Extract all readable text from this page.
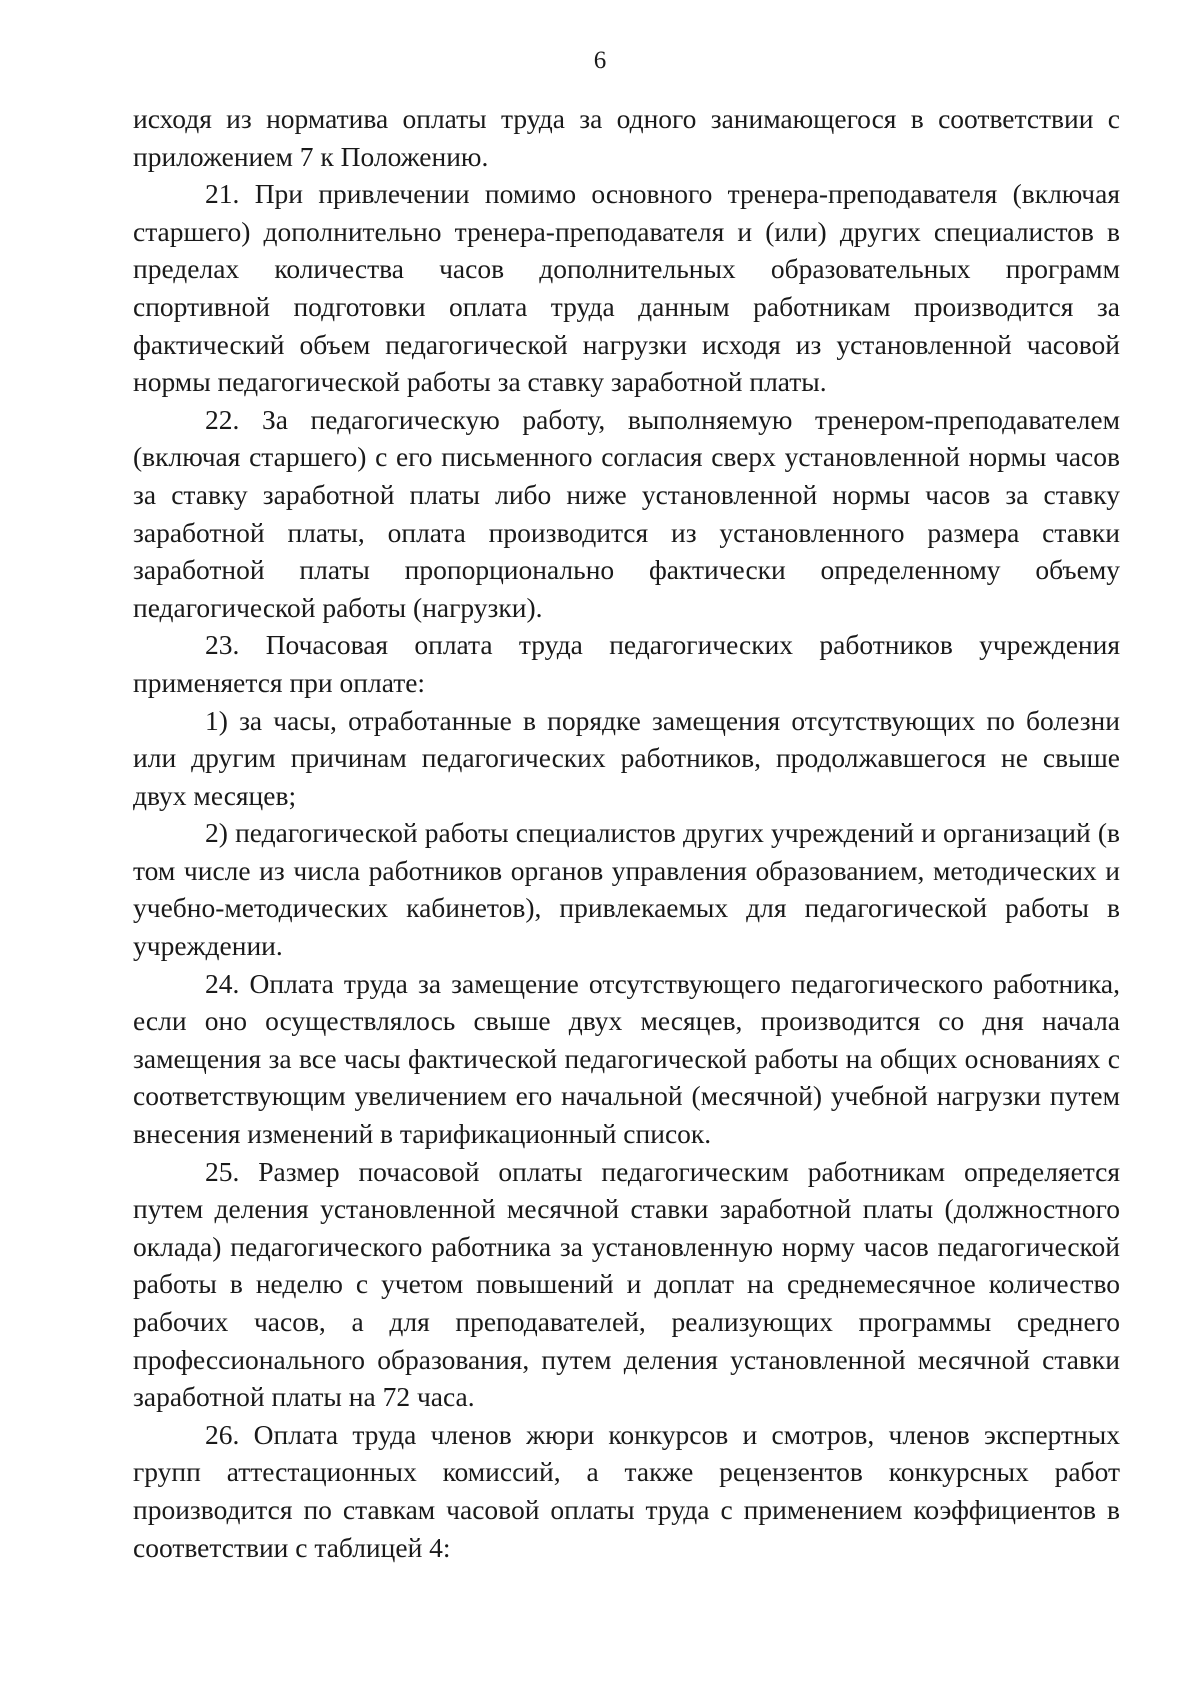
6

исходя из норматива оплаты труда за одного занимающегося в соответствии с приложением 7 к Положению.

21. При привлечении помимо основного тренера-преподавателя (включая старшего) дополнительно тренера-преподавателя и (или) других специалистов в пределах количества часов дополнительных образовательных программ спортивной подготовки оплата труда данным работникам производится за фактический объем педагогической нагрузки исходя из установленной часовой нормы педагогической работы за ставку заработной платы.

22. За педагогическую работу, выполняемую тренером-преподавателем (включая старшего) с его письменного согласия сверх установленной нормы часов за ставку заработной платы либо ниже установленной нормы часов за ставку заработной платы, оплата производится из установленного размера ставки заработной платы пропорционально фактически определенному объему педагогической работы (нагрузки).

23. Почасовая оплата труда педагогических работников учреждения применяется при оплате:

1) за часы, отработанные в порядке замещения отсутствующих по болезни или другим причинам педагогических работников, продолжавшегося не свыше двух месяцев;

2) педагогической работы специалистов других учреждений и организаций (в том числе из числа работников органов управления образованием, методических и учебно-методических кабинетов), привлекаемых для педагогической работы в учреждении.

24. Оплата труда за замещение отсутствующего педагогического работника, если оно осуществлялось свыше двух месяцев, производится со дня начала замещения за все часы фактической педагогической работы на общих основаниях с соответствующим увеличением его начальной (месячной) учебной нагрузки путем внесения изменений в тарификационный список.

25. Размер почасовой оплаты педагогическим работникам определяется путем деления установленной месячной ставки заработной платы (должностного оклада) педагогического работника за установленную норму часов педагогической работы в неделю с учетом повышений и доплат на среднемесячное количество рабочих часов, а для преподавателей, реализующих программы среднего профессионального образования, путем деления установленной месячной ставки заработной платы на 72 часа.

26. Оплата труда членов жюри конкурсов и смотров, членов экспертных групп аттестационных комиссий, а также рецензентов конкурсных работ производится по ставкам часовой оплаты труда с применением коэффициентов в соответствии с таблицей 4:
